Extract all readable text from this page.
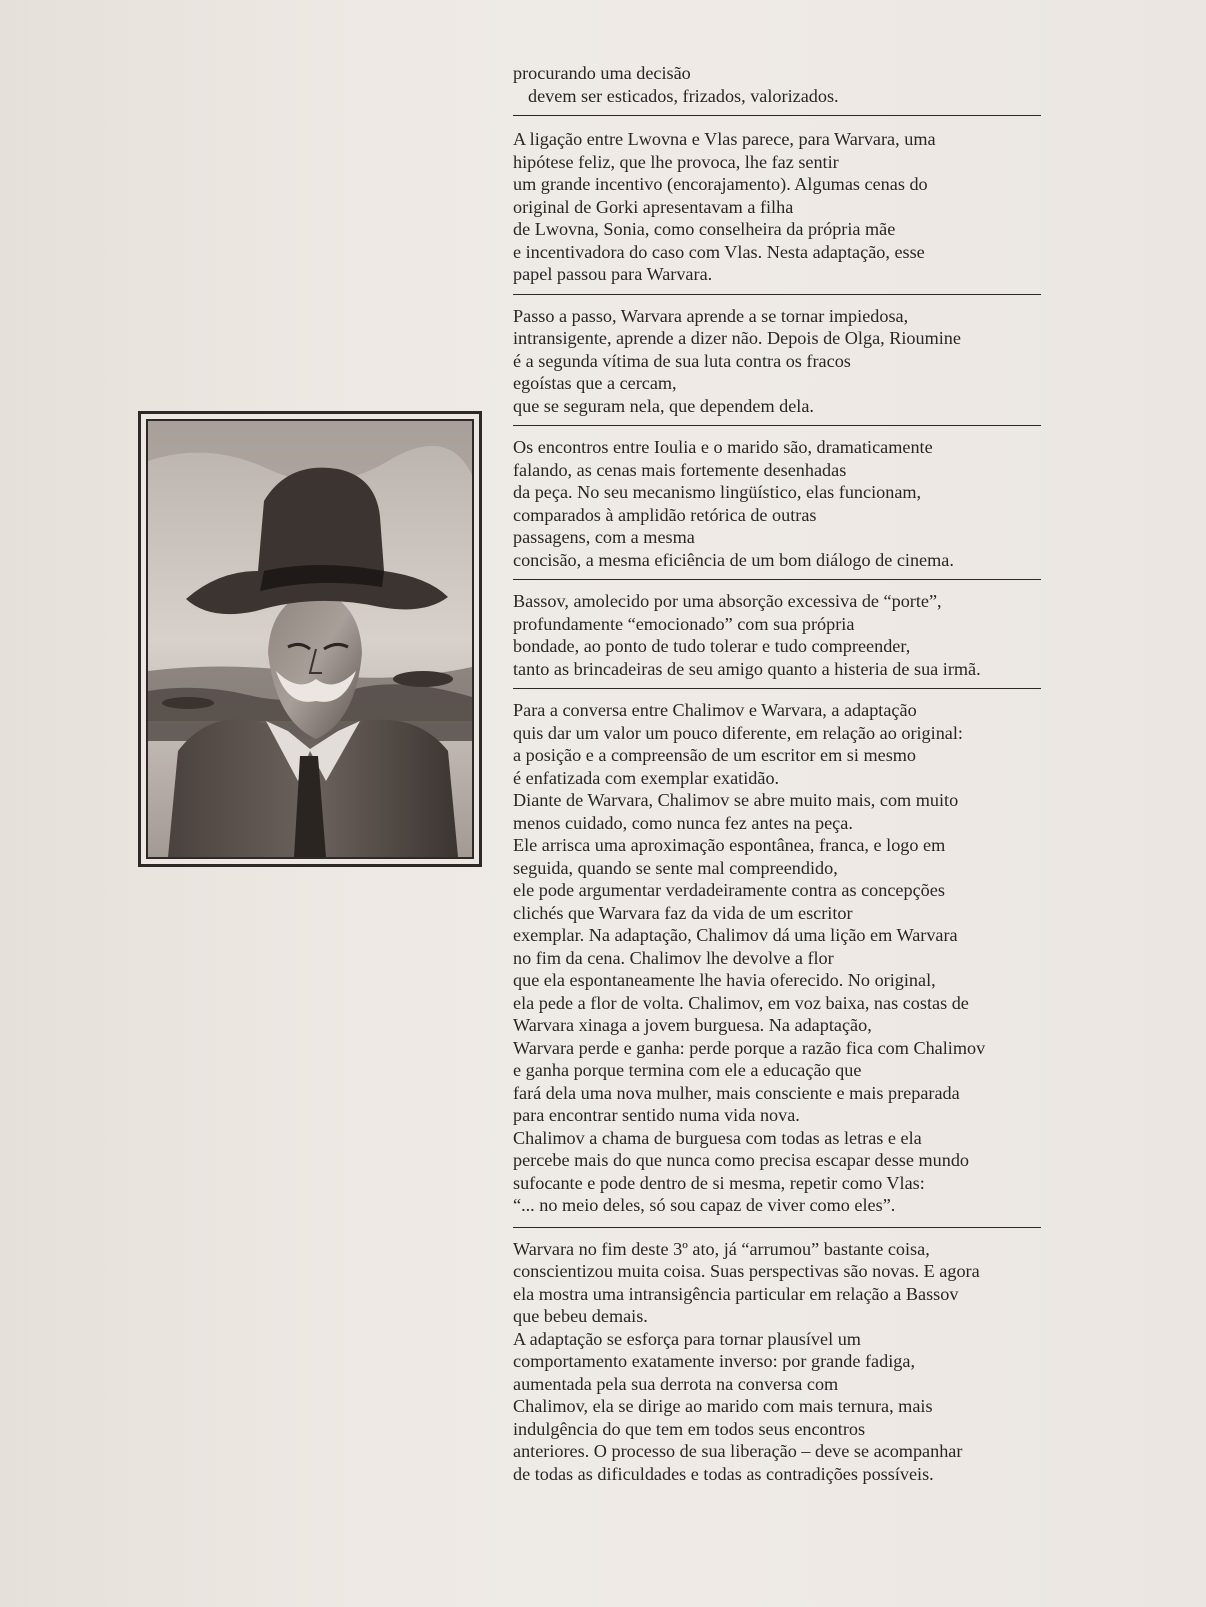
procurando uma decisão
devem ser esticados, frizados, valorizados.
A ligação entre Lwovna e Vlas parece, para Warvara, uma
hipótese feliz, que lhe provoca, lhe faz sentir
um grande incentivo (encorajamento). Algumas cenas do
original de Gorki apresentavam a filha
de Lwovna, Sonia, como conselheira da própria mãe
e incentivadora do caso com Vlas. Nesta adaptação, esse
papel passou para Warvara.
Passo a passo, Warvara aprende a se tornar impiedosa,
intransigente, aprende a dizer não. Depois de Olga, Rioumine
é a segunda vítima de sua luta contra os fracos
egoístas que a cercam,
que se seguram nela, que dependem dela.
Os encontros entre Ioulia e o marido são, dramaticamente
falando, as cenas mais fortemente desenhadas
da peça. No seu mecanismo lingüístico, elas funcionam,
comparados à amplidão retórica de outras
passagens, com a mesma
concisão, a mesma eficiência de um bom diálogo de cinema.
Bassov, amolecido por uma absorção excessiva de “porte”,
profundamente “emocionado” com sua própria
bondade, ao ponto de tudo tolerar e tudo compreender,
tanto as brincadeiras de seu amigo quanto a histeria de sua irmã.
Para a conversa entre Chalimov e Warvara, a adaptação
quis dar um valor um pouco diferente, em relação ao original:
a posição e a compreensão de um escritor em si mesmo
é enfatizada com exemplar exatidão.
Diante de Warvara, Chalimov se abre muito mais, com muito
menos cuidado, como nunca fez antes na peça.
Ele arrisca uma aproximação espontânea, franca, e logo em
seguida, quando se sente mal compreendido,
ele pode argumentar verdadeiramente contra as concepções
clichés que Warvara faz da vida de um escritor
exemplar. Na adaptação, Chalimov dá uma lição em Warvara
no fim da cena. Chalimov lhe devolve a flor
que ela espontaneamente lhe havia oferecido. No original,
ela pede a flor de volta. Chalimov, em voz baixa, nas costas de
Warvara xinaga a jovem burguesa. Na adaptação,
Warvara perde e ganha: perde porque a razão fica com Chalimov
e ganha porque termina com ele a educação que
fará dela uma nova mulher, mais consciente e mais preparada
para encontrar sentido numa vida nova.
Chalimov a chama de burguesa com todas as letras e ela
percebe mais do que nunca como precisa escapar desse mundo
sufocante e pode dentro de si mesma, repetir como Vlas:
“... no meio deles, só sou capaz de viver como eles”.
Warvara no fim deste 3º ato, já “arrumou” bastante coisa,
conscientizou muita coisa. Suas perspectivas são novas. E agora
ela mostra uma intransigência particular em relação a Bassov
que bebeu demais.
A adaptação se esforça para tornar plausível um
comportamento exatamente inverso: por grande fadiga,
aumentada pela sua derrota na conversa com
Chalimov, ela se dirige ao marido com mais ternura, mais
indulgência do que tem em todos seus encontros
anteriores. O processo de sua liberação – deve se acompanhar
de todas as dificuldades e todas as contradições possíveis.
